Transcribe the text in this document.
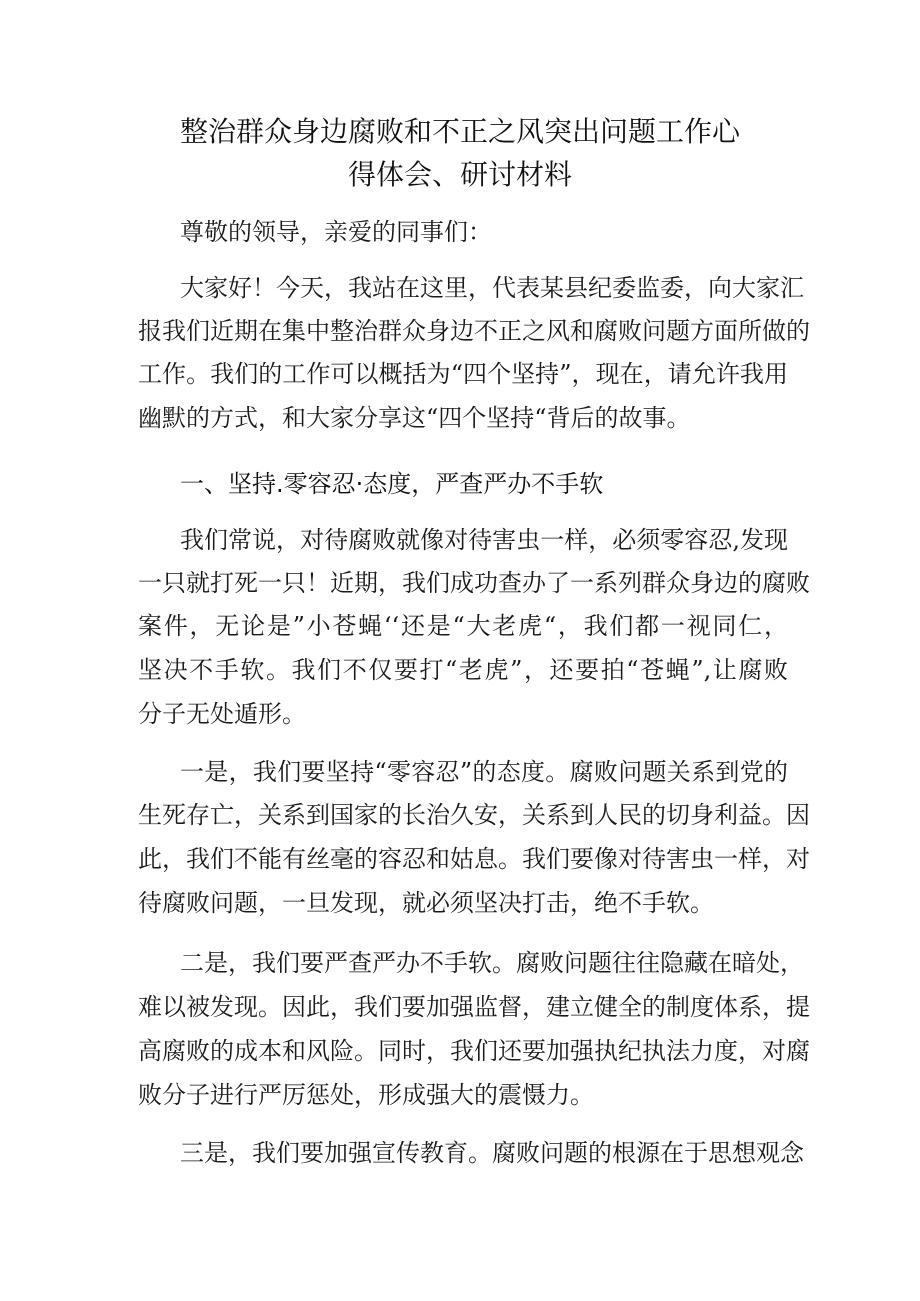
整治群众身边腐败和不正之风突出问题工作心
得体会、研讨材料
尊敬的领导，亲爱的同事们：
大家好！今天，我站在这里，代表某县纪委监委，向大家汇
报我们近期在集中整治群众身边不正之风和腐败问题方面所做的
工作。我们的工作可以概括为“四个坚持”，现在，请允许我用
幽默的方式，和大家分享这“四个坚持“背后的故事。
一、坚持.零容忍·态度，严查严办不手软
我们常说，对待腐败就像对待害虫一样，必须零容忍,发现
一只就打死一只！近期，我们成功查办了一系列群众身边的腐败
案件，无论是”小苍蝇‘‘还是“大老虎“，我们都一视同仁，
坚决不手软。我们不仅要打“老虎”，还要拍“苍蝇”,让腐败
分子无处遁形。
一是，我们要坚持“零容忍”的态度。腐败问题关系到党的
生死存亡，关系到国家的长治久安，关系到人民的切身利益。因
此，我们不能有丝毫的容忍和姑息。我们要像对待害虫一样，对
待腐败问题，一旦发现，就必须坚决打击，绝不手软。
二是，我们要严查严办不手软。腐败问题往往隐藏在暗处，
难以被发现。因此，我们要加强监督，建立健全的制度体系，提
高腐败的成本和风险。同时，我们还要加强执纪执法力度，对腐
败分子进行严厉惩处，形成强大的震慑力。
三是，我们要加强宣传教育。腐败问题的根源在于思想观念
